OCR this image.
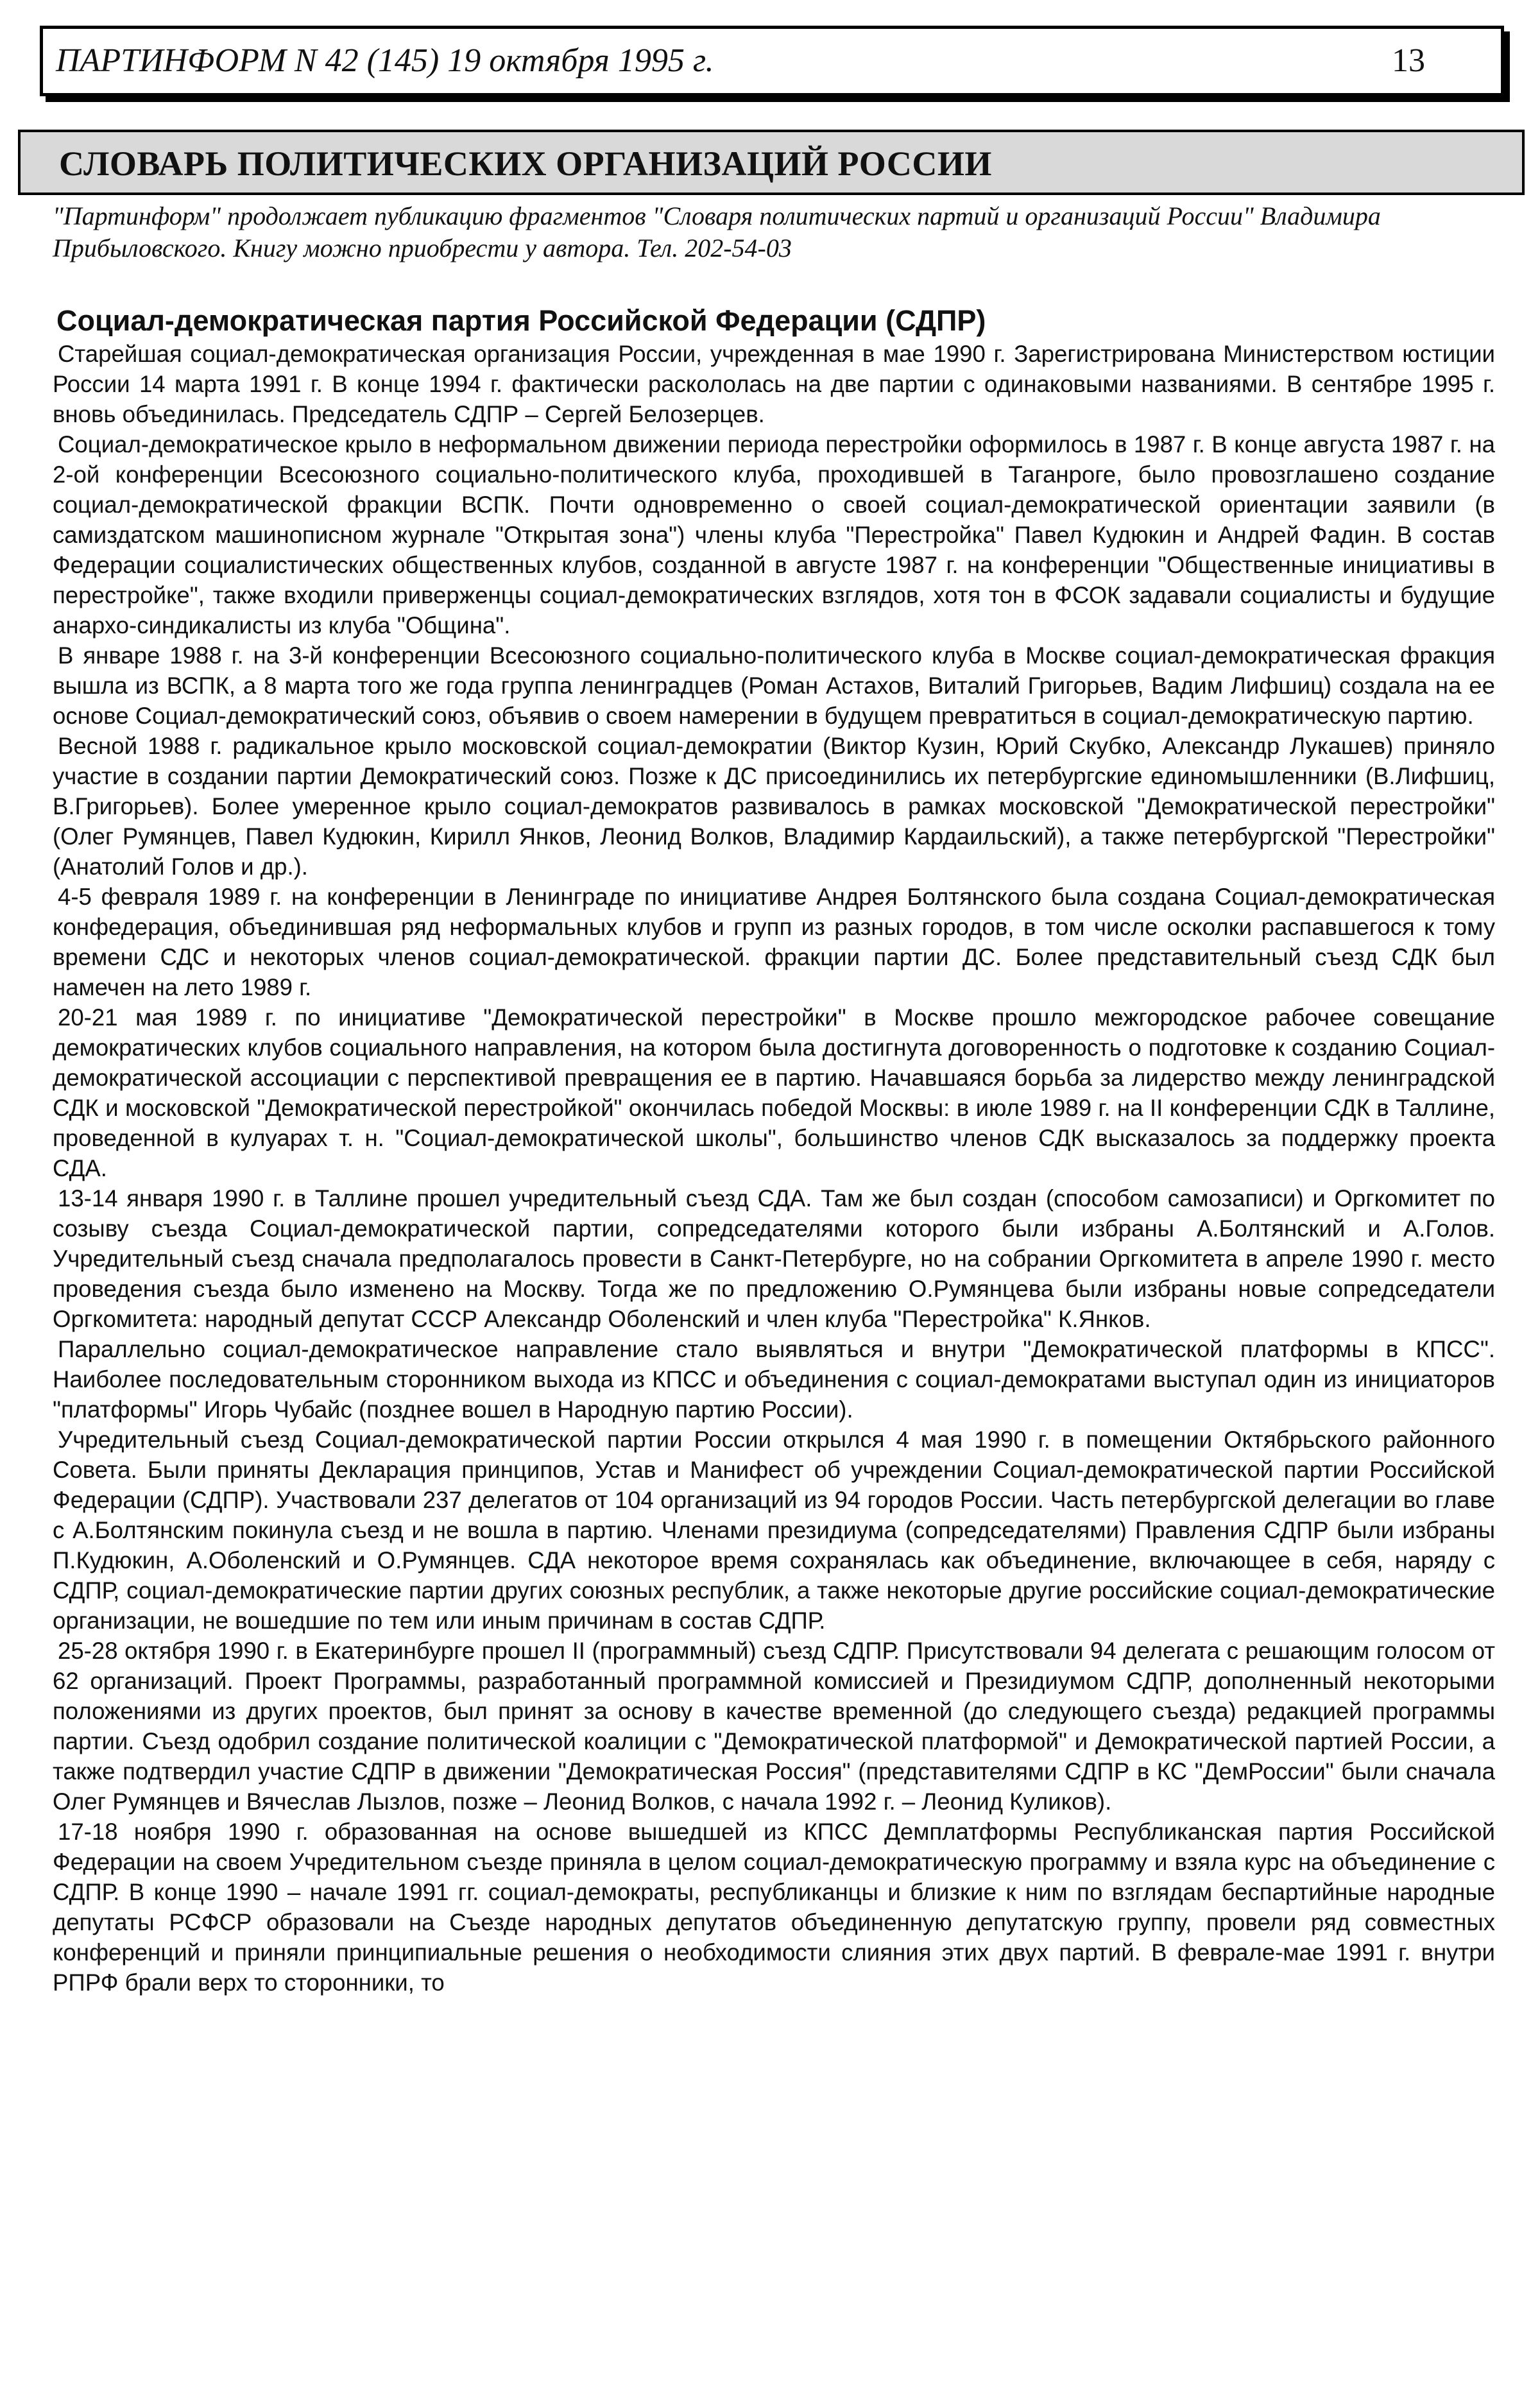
ПАРТИНФОРМ N 42 (145) 19 октября 1995 г.	13
СЛОВАРЬ ПОЛИТИЧЕСКИХ ОРГАНИЗАЦИЙ РОССИИ

"Партинформ" продолжает публикацию фрагментов "Словаря политических партий и организаций России" Владимира Прибыловского. Книгу можно приобрести у автора. Тел. 202-54-03

Социал-демократическая партия Российской Федерации (СДПР)

Старейшая социал-демократическая организация России, учрежденная в мае 1990 г. Зарегистрирована Министерством юстиции России 14 марта 1991 г. В конце 1994 г. фактически раскололась на две партии с одинаковыми названиями. В сентябре 1995 г. вновь объединилась. Председатель СДПР – Сергей Белозерцев.

Социал-демократическое крыло в неформальном движении периода перестройки оформилось в 1987 г. В конце августа 1987 г. на 2-ой конференции Всесоюзного социально-политического клуба, проходившей в Таганроге, было провозглашено создание социал-демократической фракции ВСПК. Почти одновременно о своей социал-демократической ориентации заявили (в самиздатском машинописном журнале "Открытая зона") члены клуба "Перестройка" Павел Кудюкин и Андрей Фадин. В состав Федерации социалистических общественных клубов, созданной в августе 1987 г. на конференции "Общественные инициативы в перестройке", также входили приверженцы социал-демократических взглядов, хотя тон в ФСОК задавали социалисты и будущие анархо-синдикалисты из клуба "Община".

В январе 1988 г. на 3-й конференции Всесоюзного социально-политического клуба в Москве социал-демократическая фракция вышла из ВСПК, а 8 марта того же года группа ленинградцев (Роман Астахов, Виталий Григорьев, Вадим Лифшиц) создала на ее основе Социал-демократический союз, объявив о своем намерении в будущем превратиться в социал-демократическую партию.

Весной 1988 г. радикальное крыло московской социал-демократии (Виктор Кузин, Юрий Скубко, Александр Лукашев) приняло участие в создании партии Демократический союз. Позже к ДС присоединились их петербургские единомышленники (В.Лифшиц, В.Григорьев). Более умеренное крыло социал-демократов развивалось в рамках московской "Демократической перестройки" (Олег Румянцев, Павел Кудюкин, Кирилл Янков, Леонид Волков, Владимир Кардаильский), а также петербургской "Перестройки" (Анатолий Голов и др.).

4-5 февраля 1989 г. на конференции в Ленинграде по инициативе Андрея Болтянского была создана Социал-демократическая конфедерация, объединившая ряд неформальных клубов и групп из разных городов, в том числе осколки распавшегося к тому времени СДС и некоторых членов социал-демократической. фракции партии ДС. Более представительный съезд СДК был намечен на лето 1989 г.

20-21 мая 1989 г. по инициативе "Демократической перестройки" в Москве прошло межгородское рабочее совещание демократических клубов социального направления, на котором была достигнута договоренность о подготовке к созданию Социал-демократической ассоциации с перспективой превращения ее в партию. Начавшаяся борьба за лидерство между ленинградской СДК и московской "Демократической перестройкой" окончилась победой Москвы: в июле 1989 г. на II конференции СДК в Таллине, проведенной в кулуарах т. н. "Социал-демократической школы", большинство членов СДК высказалось за поддержку проекта СДА.

13-14 января 1990 г. в Таллине прошел учредительный съезд СДА. Там же был создан (способом самозаписи) и Оргкомитет по созыву съезда Социал-демократической партии, сопредседателями которого были избраны А.Болтянский и А.Голов. Учредительный съезд сначала предполагалось провести в Санкт-Петербурге, но на собрании Оргкомитета в апреле 1990 г. место проведения съезда было изменено на Москву. Тогда же по предложению О.Румянцева были избраны новые сопредседатели Оргкомитета: народный депутат СССР Александр Оболенский и член клуба "Перестройка" К.Янков.

Параллельно социал-демократическое направление стало выявляться и внутри "Демократической платформы в КПСС". Наиболее последовательным сторонником выхода из КПСС и объединения с социал-демократами выступал один из инициаторов "платформы" Игорь Чубайс (позднее вошел в Народную партию России).

Учредительный съезд Социал-демократической партии России открылся 4 мая 1990 г. в помещении Октябрьского районного Совета. Были приняты Декларация принципов, Устав и Манифест об учреждении Социал-демократической партии Российской Федерации (СДПР). Участвовали 237 делегатов от 104 организаций из 94 городов России. Часть петербургской делегации во главе с А.Болтянским покинула съезд и не вошла в партию. Членами президиума (сопредседателями) Правления СДПР были избраны П.Кудюкин, А.Оболенский и О.Румянцев. СДА некоторое время сохранялась как объединение, включающее в себя, наряду с СДПР, социал-демократические партии других союзных республик, а также некоторые другие российские социал-демократические организации, не вошедшие по тем или иным причинам в состав СДПР.

25-28 октября 1990 г. в Екатеринбурге прошел II (программный) съезд СДПР. Присутствовали 94 делегата с решающим голосом от 62 организаций. Проект Программы, разработанный программной комиссией и Президиумом СДПР, дополненный некоторыми положениями из других проектов, был принят за основу в качестве временной (до следующего съезда) редакцией программы партии. Съезд одобрил создание политической коалиции с "Демократической платформой" и Демократической партией России, а также подтвердил участие СДПР в движении "Демократическая Россия" (представителями СДПР в КС "ДемРоссии" были сначала Олег Румянцев и Вячеслав Лызлов, позже – Леонид Волков, с начала 1992 г. – Леонид Куликов).

17-18 ноября 1990 г. образованная на основе вышедшей из КПСС Демплатформы Республиканская партия Российской Федерации на своем Учредительном съезде приняла в целом социал-демократическую программу и взяла курс на объединение с СДПР. В конце 1990 – начале 1991 гг. социал-демократы, республиканцы и близкие к ним по взглядам беспартийные народные депутаты РСФСР образовали на Съезде народных депутатов объединенную депутатскую группу, провели ряд совместных конференций и приняли принципиальные решения о необходимости слияния этих двух партий. В феврале-мае 1991 г. внутри РПРФ брали верх то сторонники, то
